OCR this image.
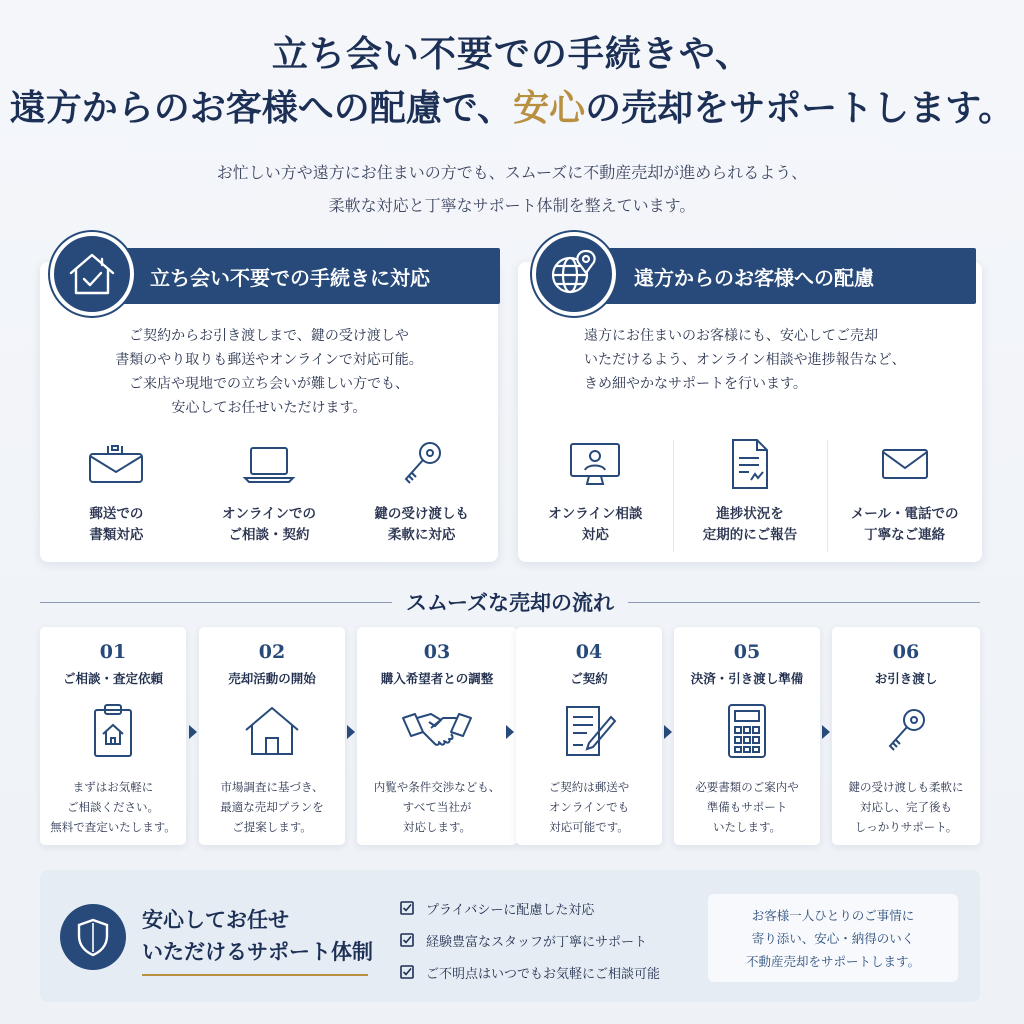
立ち会い不要での手続きや、
遠方からのお客様への配慮で、安心の売却をサポートします。
お忙しい方や遠方にお住まいの方でも、スムーズに不動産売却が進められるよう、
柔軟な対応と丁寧なサポート体制を整えています。
立ち会い不要での手続きに対応
ご契約からお引き渡しまで、鍵の受け渡しや
書類のやり取りも郵送やオンラインで対応可能。
ご来店や現地での立ち会いが難しい方でも、
安心してお任せいただけます。
郵送での
書類対応
オンラインでの
ご相談・契約
鍵の受け渡しも
柔軟に対応
遠方からのお客様への配慮
遠方にお住まいのお客様にも、安心してご売却
いただけるよう、オンライン相談や進捗報告など、
きめ細やかなサポートを行います。
オンライン相談
対応
進捗状況を
定期的にご報告
メール・電話での
丁寧なご連絡
スムーズな売却の流れ
01
ご相談・査定依頼
まずはお気軽に
ご相談ください。
無料で査定いたします。
02
売却活動の開始
市場調査に基づき、
最適な売却プランを
ご提案します。
03
購入希望者との調整
内覧や条件交渉なども、
すべて当社が
対応します。
04
ご契約
ご契約は郵送や
オンラインでも
対応可能です。
05
決済・引き渡し準備
必要書類のご案内や
準備もサポート
いたします。
06
お引き渡し
鍵の受け渡しも柔軟に
対応し、完了後も
しっかりサポート。
安心してお任せ
いただけるサポート体制
プライバシーに配慮した対応
経験豊富なスタッフが丁寧にサポート
ご不明点はいつでもお気軽にご相談可能
お客様一人ひとりのご事情に
寄り添い、安心・納得のいく
不動産売却をサポートします。
